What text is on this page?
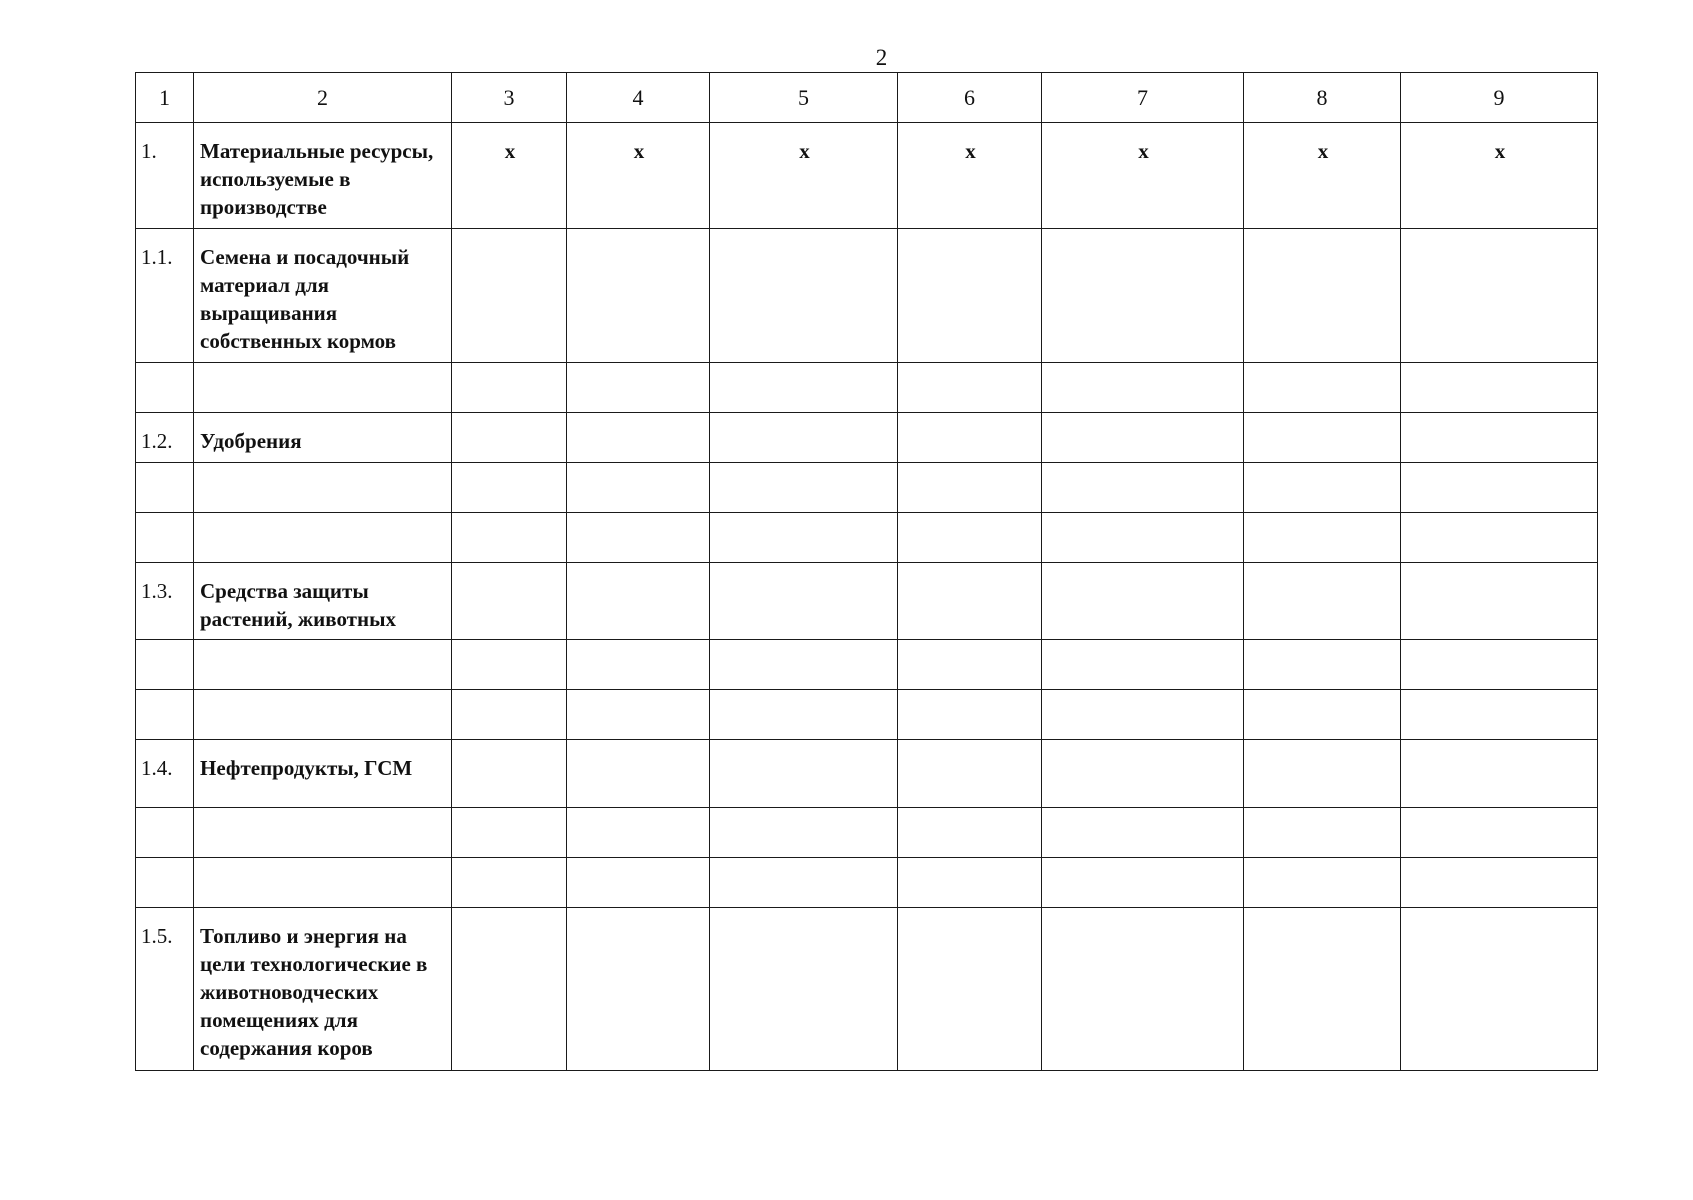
2
1	2	3	4	5	6	7	8	9
1.	Материальные ресурсы, используемые в производстве	x	x	x	x	x	x	x
1.1.	Семена и посадочный материал для выращивания собственных кормов							

1.2.	Удобрения							

1.3.	Средства защиты растений, животных							

1.4.	Нефтепродукты, ГСМ							

1.5.	Топливо и энергия на цели технологические в животноводческих помещениях для содержания коров							
